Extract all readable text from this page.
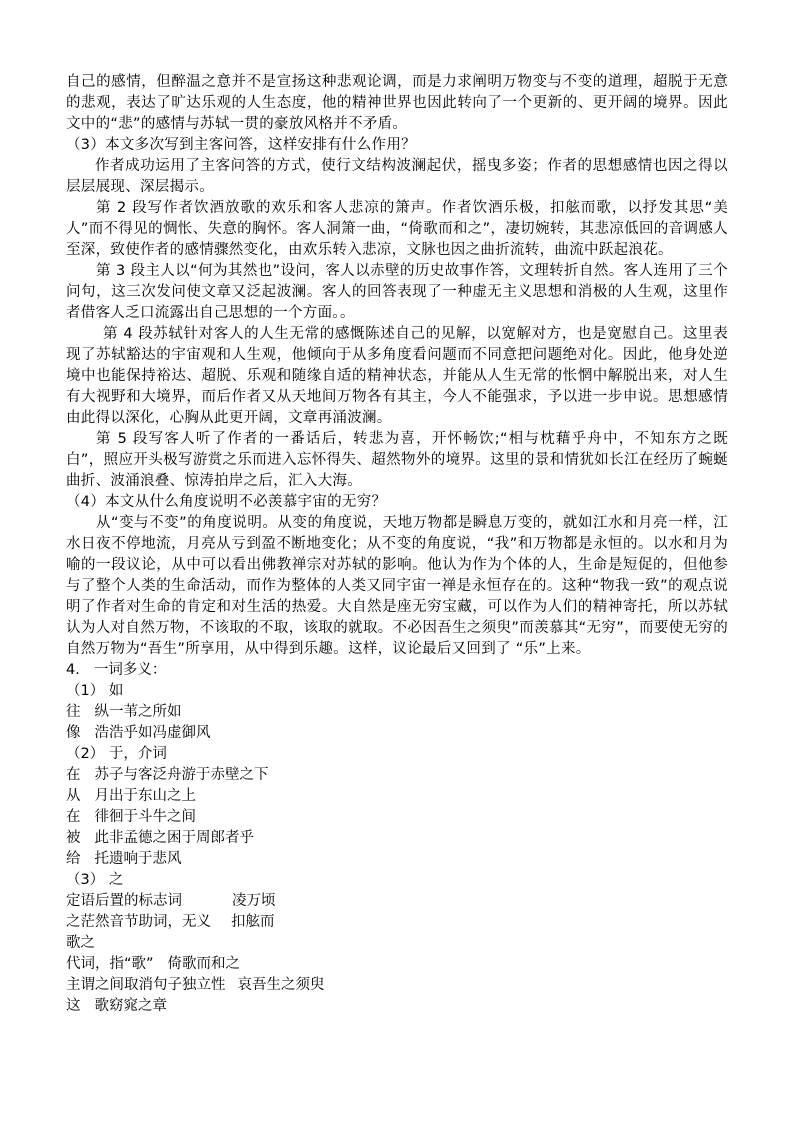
自己的感情，但醉温之意并不是宣扬这种悲观论调，而是力求阐明万物变与不变的道理，超脱于无意的悲观，表达了旷达乐观的人生态度，他的精神世界也因此转向了一个更新的、更开阔的境界。因此文中的“悲”的感情与苏轼一贯的豪放风格并不矛盾。

（3）本文多次写到主客问答，这样安排有什么作用？

作者成功运用了主客问答的方式，使行文结构波澜起伏，摇曳多姿；作者的思想感情也因之得以层层展现、深层揭示。

第 2 段写作者饮酒放歌的欢乐和客人悲凉的箫声。作者饮酒乐极，扣舷而歌，以抒发其思“美人”而不得见的惆怅、失意的胸怀。客人洞箫一曲，“倚歌而和之”，凄切婉转，其悲凉低回的音调感人至深，致使作者的感情骤然变化，由欢乐转入悲凉，文脉也因之曲折流转，曲流中跃起浪花。

第 3 段主人以“何为其然也”设问，客人以赤壁的历史故事作答，文理转折自然。客人连用了三个问句，这三次发问使文章又泛起波澜。客人的回答表现了一种虚无主义思想和消极的人生观，这里作者借客人乏口流露出自己思想的一个方面。。

第 4 段苏轼针对客人的人生无常的感慨陈述自己的见解，以宽解对方，也是宽慰自己。这里表现了苏轼豁达的宇宙观和人生观，他倾向于从多角度看问题而不同意把问题绝对化。因此，他身处逆境中也能保持裕达、超脱、乐观和随缘自适的精神状态，并能从人生无常的怅惘中解脱出来，对人生有大视野和大境界，而后作者又从天地间万物各有其主，今人不能强求，予以进一步申说。思想感情由此得以深化，心胸从此更开阔，文章再涌波澜。

第 5 段写客人听了作者的一番话后，转悲为喜，开怀畅饮;“相与枕藉乎舟中，不知东方之既白”，照应开头极写游赏之乐而进入忘怀得失、超然物外的境界。这里的景和情犹如长江在经历了蜿蜒曲折、波涌浪叠、惊涛拍岸之后，汇入大海。

（4）本文从什么角度说明不必羡慕宇宙的无穷？

从“变与不变”的角度说明。从变的角度说，天地万物都是瞬息万变的，就如江水和月亮一样，江水日夜不停地流，月亮从亏到盈不断地变化；从不变的角度说，“我”和万物都是永恒的。以水和月为喻的一段议论，从中可以看出佛教禅宗对苏轼的影响。他认为作为个体的人，生命是短促的，但他参与了整个人类的生命活动，而作为整体的人类又同宇宙一禅是永恒存在的。这种“物我一致”的观点说明了作者对生命的肯定和对生活的热爱。大自然是座无穷宝藏，可以作为人们的精神寄托，所以苏轼认为人对自然万物，不该取的不取，该取的就取。不必因吾生之须臾”而羡慕其“无穷”，而要使无穷的自然万物为“吾生”所享用，从中得到乐趣。这样，议论最后又回到了 “乐”上来。

4. 一词多义：

（1） 如

往 纵一苇之所如

像 浩浩乎如冯虚御风

（2） 于，介词

在 苏子与客泛舟游于赤壁之下

从 月出于东山之上

在 徘徊于斗牛之间

被 此非孟德之困于周郎者乎

给 托遗响于悲风

（3） 之

定语后置的标志词	凌万顷

之茫然音节助词，无义 扣舷而

歌之

代词，指“歌” 倚歌而和之

主谓之间取消句子独立性 哀吾生之须臾

这 歌窈窕之章
